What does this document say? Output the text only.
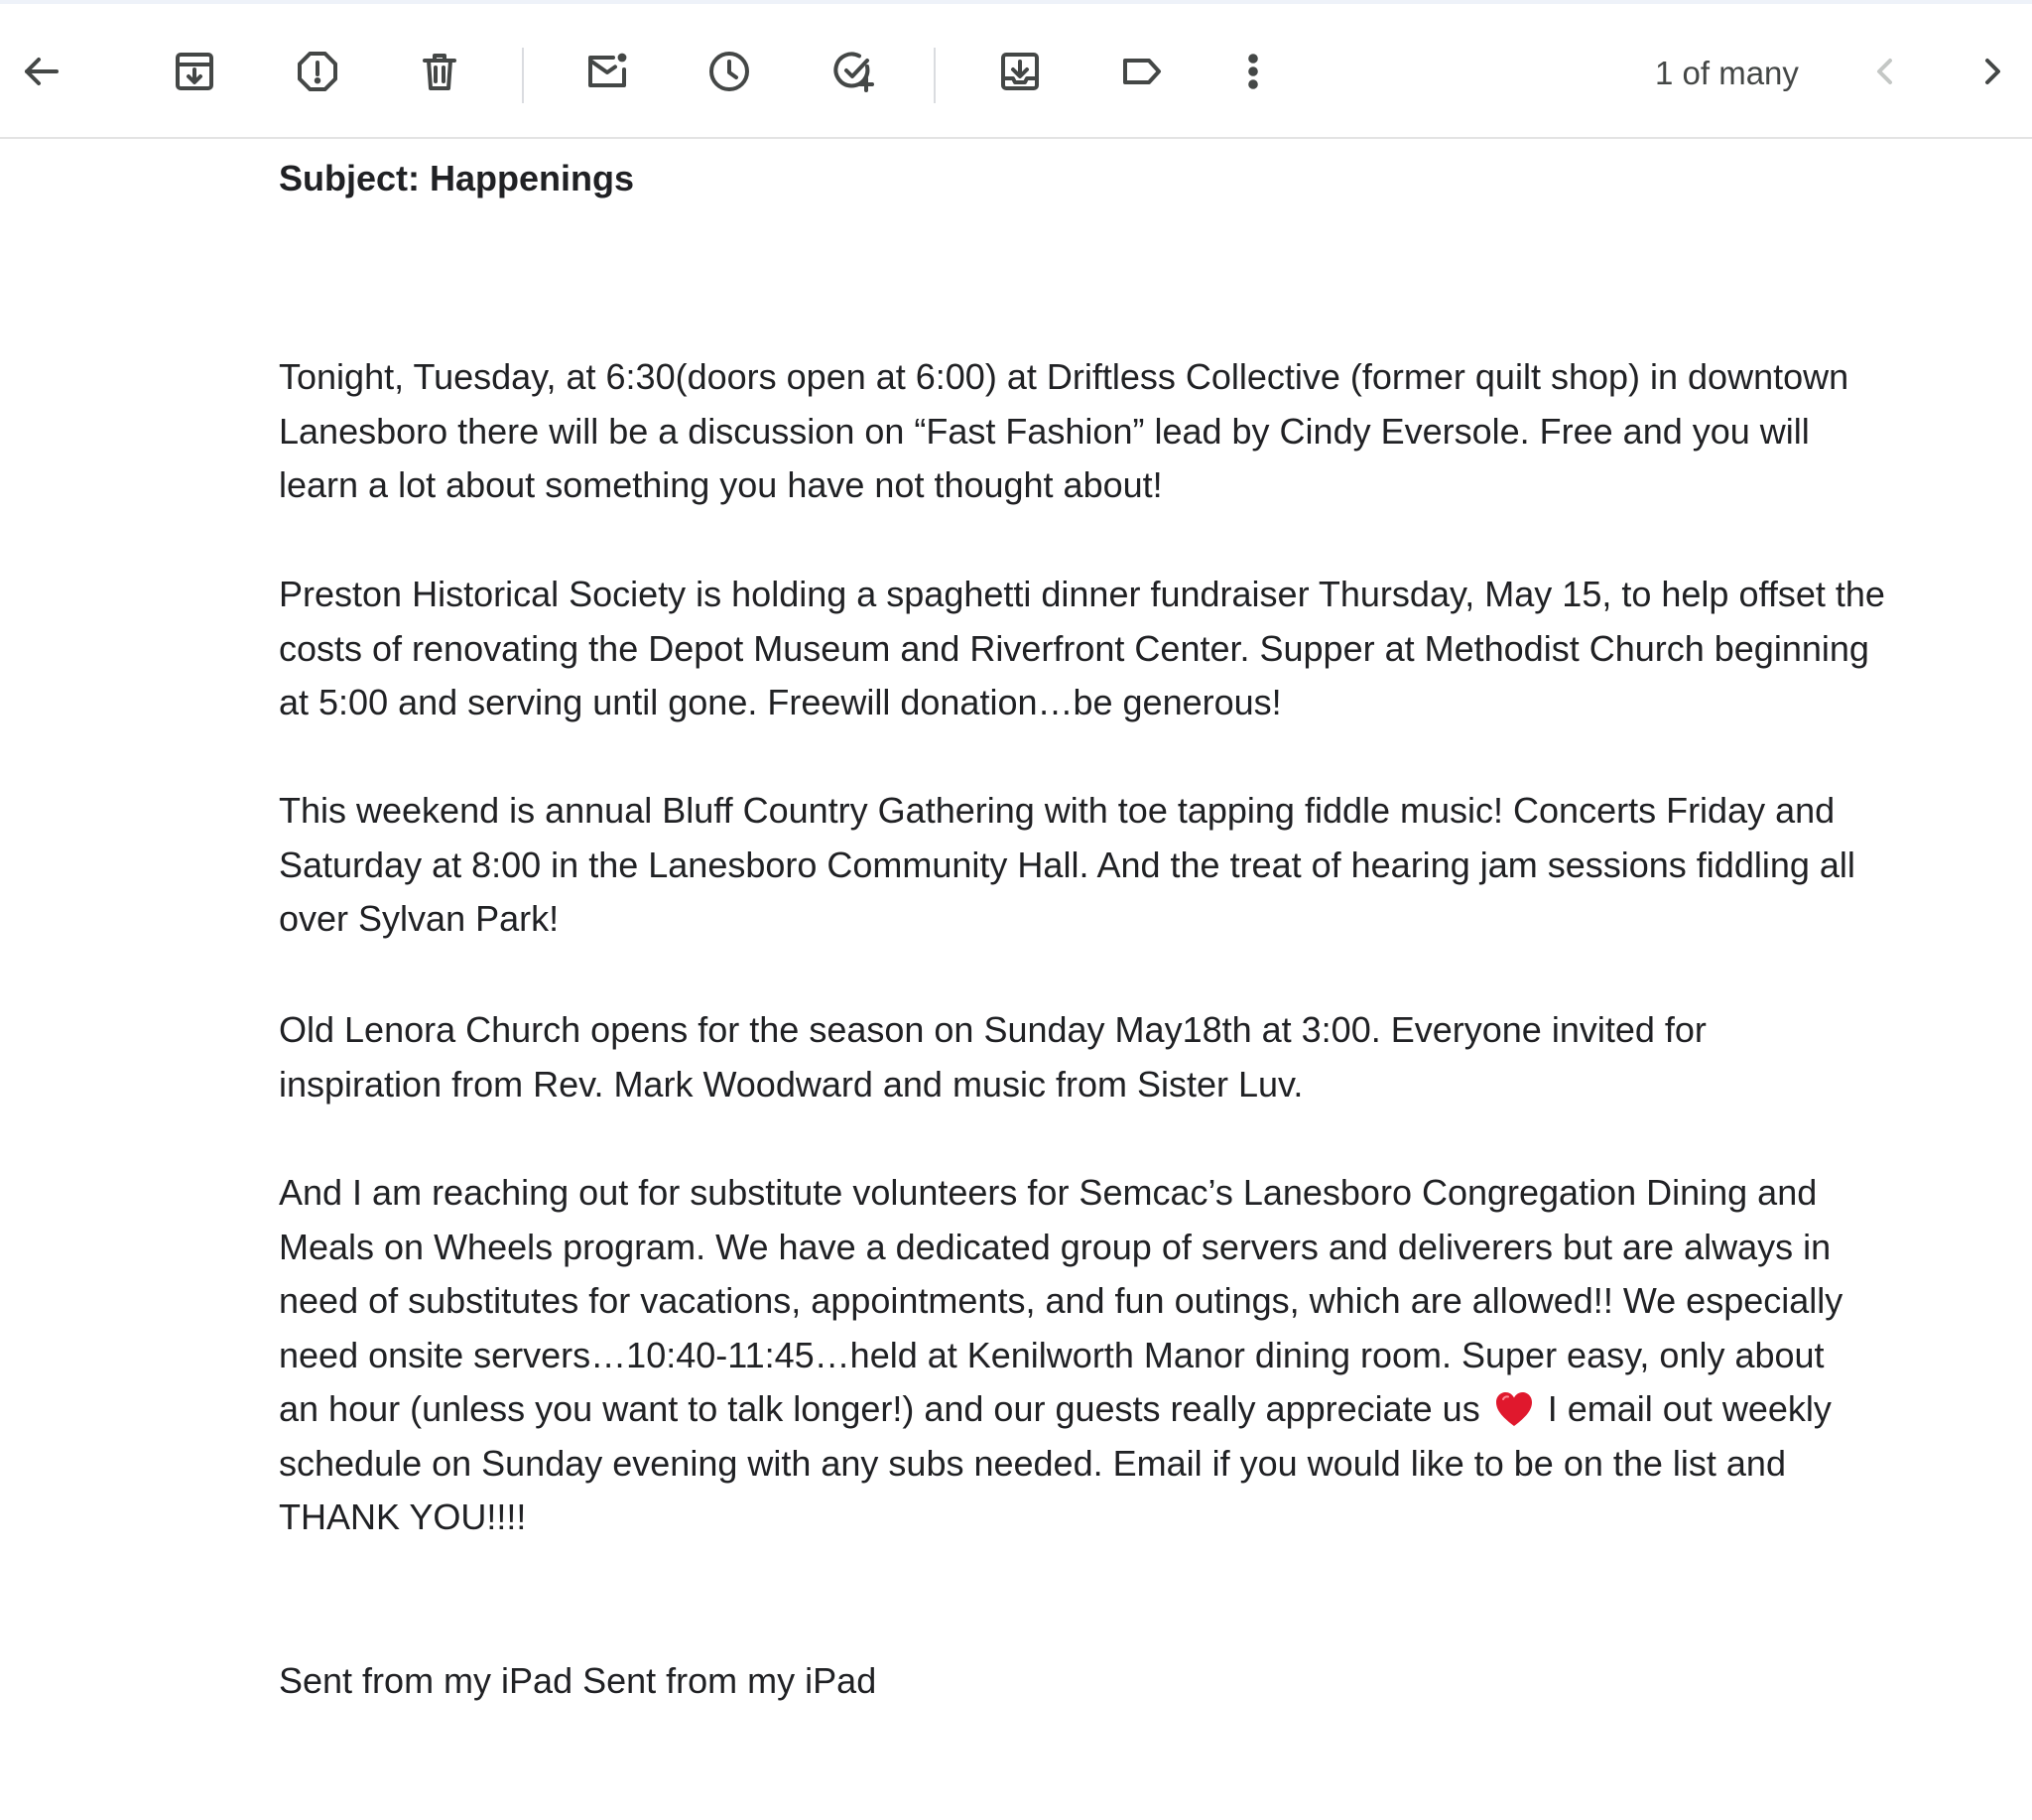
Subject: Happenings
Tonight, Tuesday, at 6:30(doors open at 6:00) at Driftless Collective (former quilt shop) in downtown
Lanesboro there will be a discussion on “Fast Fashion” lead by Cindy Eversole. Free and you will
learn a lot about something you have not thought about!
Preston Historical Society is holding a spaghetti dinner fundraiser Thursday, May 15, to help offset the
costs of renovating the Depot Museum and Riverfront Center. Supper at Methodist Church beginning
at 5:00 and serving until gone. Freewill donation…be generous!
This weekend is annual Bluff Country Gathering with toe tapping fiddle music! Concerts Friday and
Saturday at 8:00 in the Lanesboro Community Hall. And the treat of hearing jam sessions fiddling all
over Sylvan Park!
Old Lenora Church opens for the season on Sunday May18th at 3:00. Everyone invited for
inspiration from Rev. Mark Woodward and music from Sister Luv.
And I am reaching out for substitute volunteers for Semcac’s Lanesboro Congregation Dining and
Meals on Wheels program. We have a dedicated group of servers and deliverers but are always in
need of substitutes for vacations, appointments, and fun outings, which are allowed!! We especially
need onsite servers…10:40-11:45…held at Kenilworth Manor dining room. Super easy, only about
an hour (unless you want to talk longer!) and our guests really appreciate us I email out weekly
schedule on Sunday evening with any subs needed. Email if you would like to be on the list and
THANK YOU!!!!
Sent from my iPad Sent from my iPad
1 of many
